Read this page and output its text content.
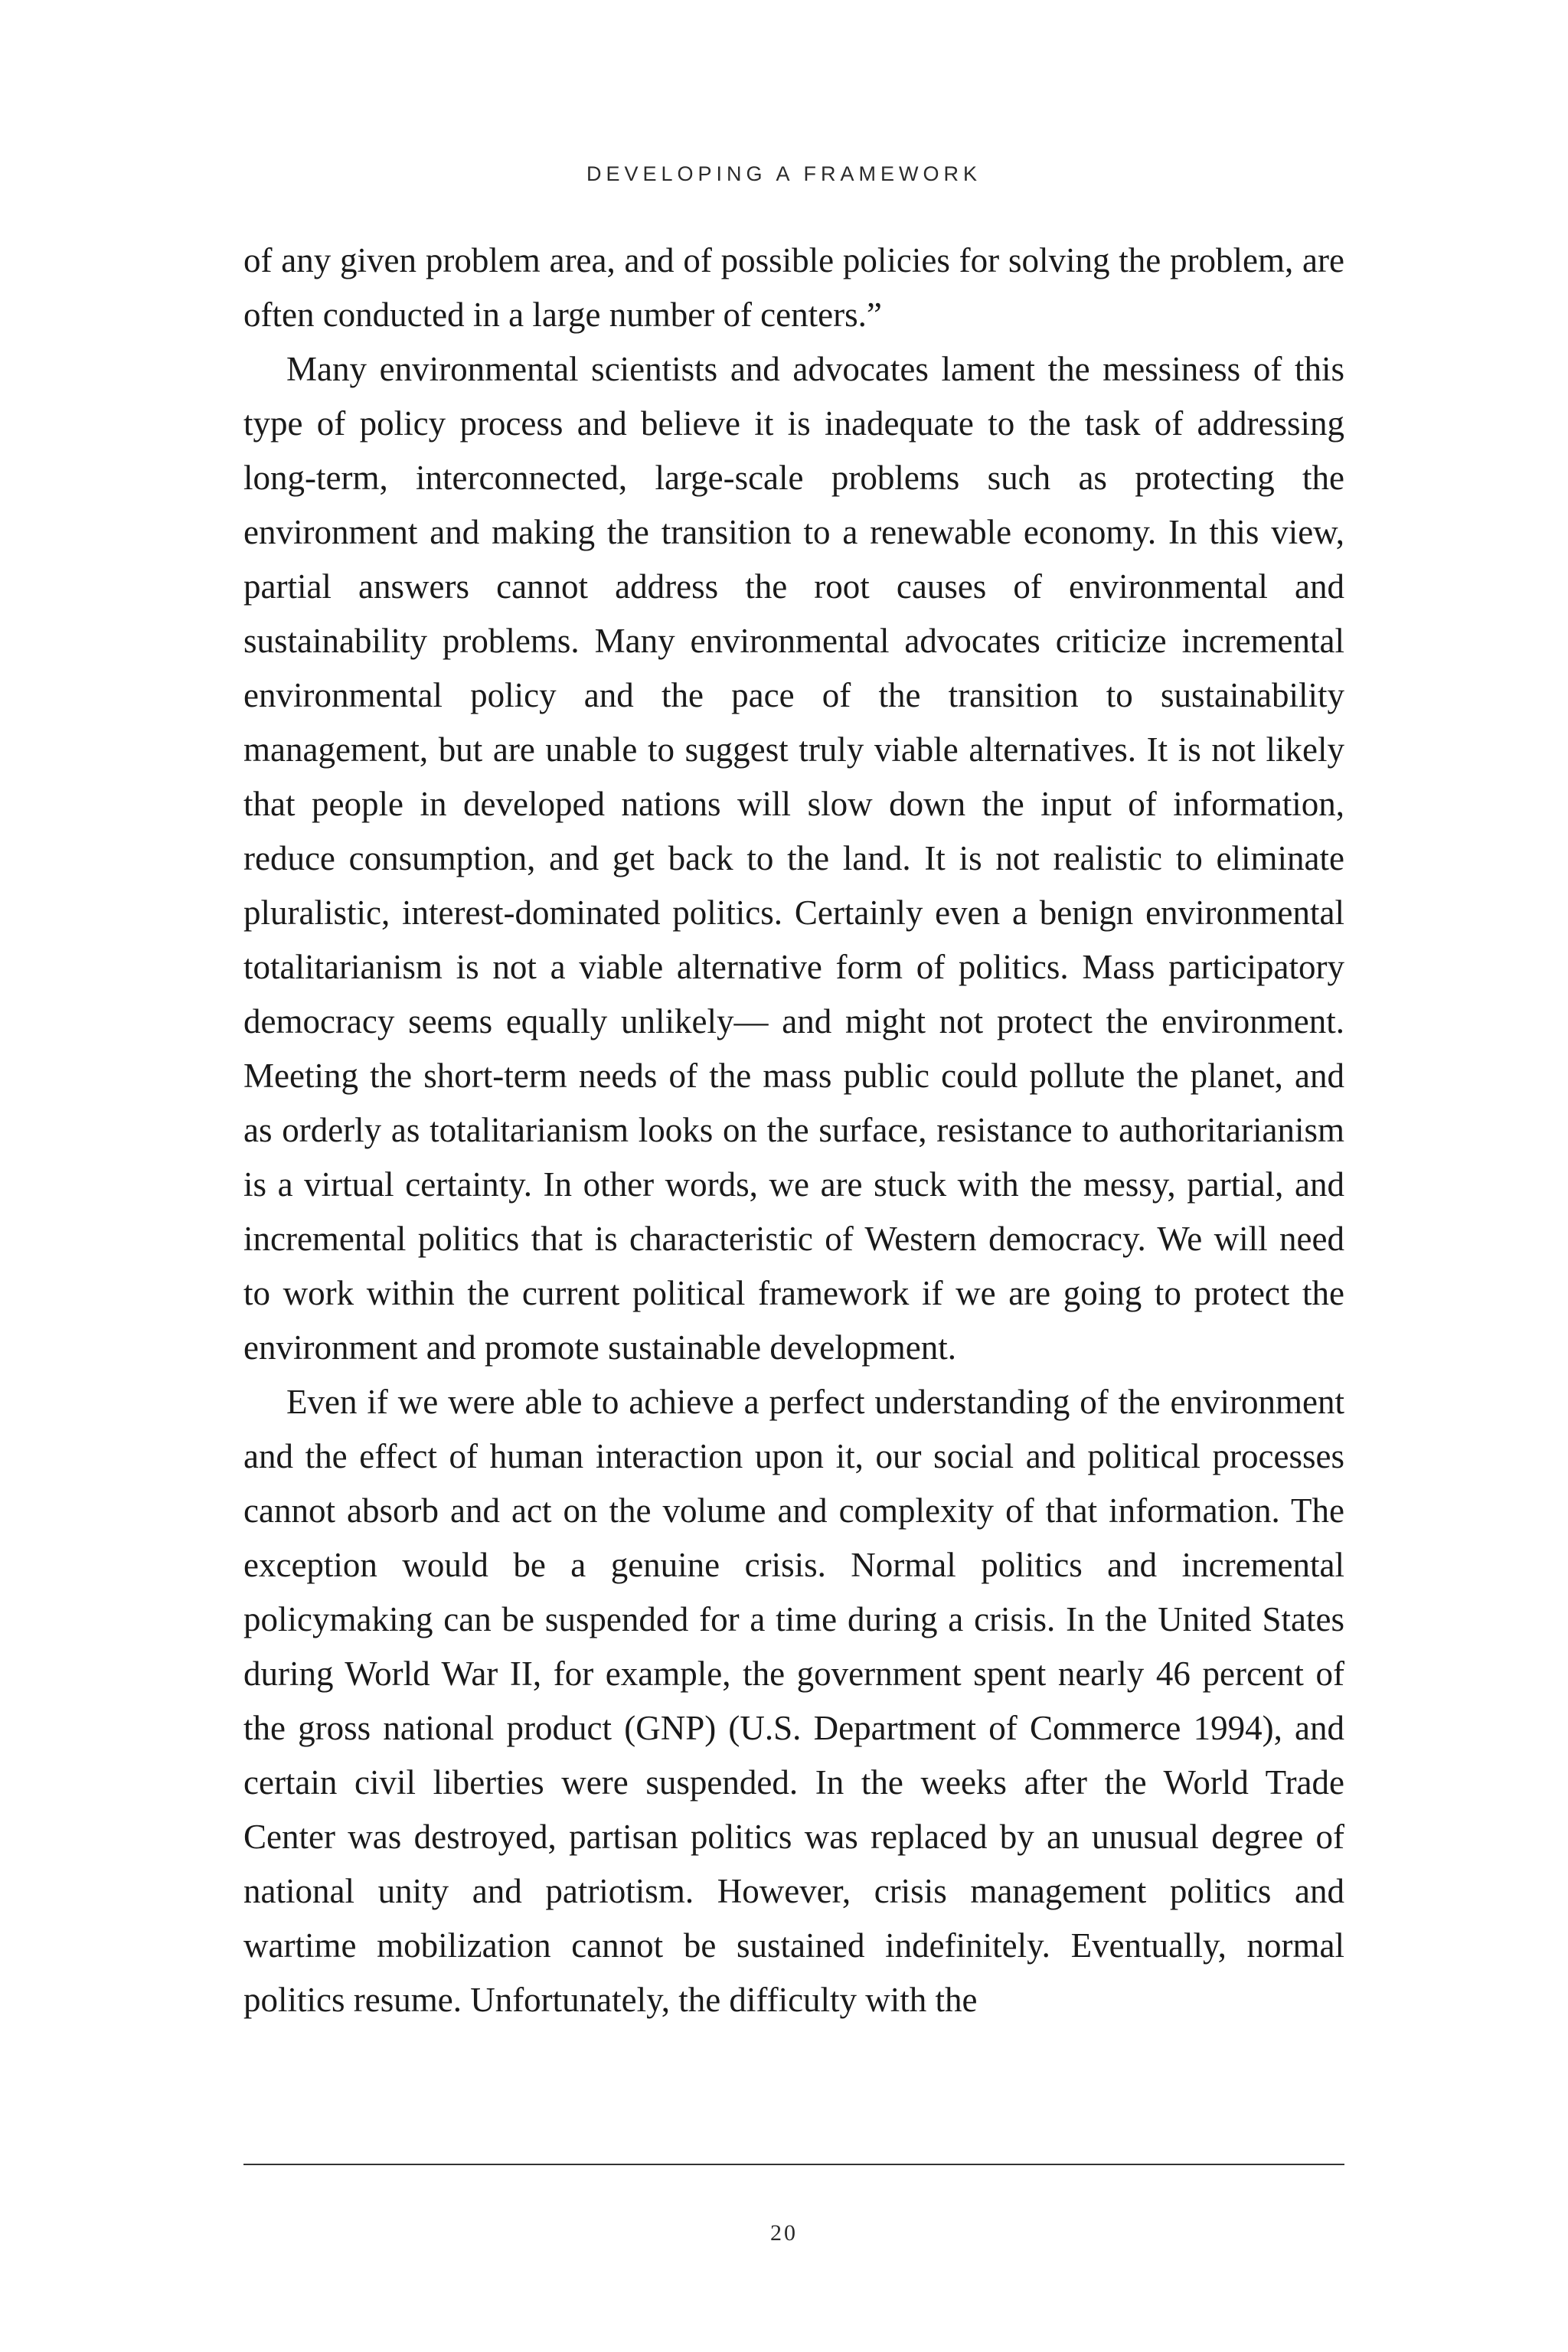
DEVELOPING A FRAMEWORK

of any given problem area, and of possible policies for solving the problem, are often conducted in a large number of centers.”

Many environmental scientists and advocates lament the messiness of this type of policy process and believe it is inadequate to the task of addressing long-term, interconnected, large-scale problems such as protecting the environment and making the transition to a renewable economy. In this view, partial answers cannot address the root causes of environmental and sustainability problems. Many environmental advocates criticize incremental environmental policy and the pace of the transition to sustainability management, but are unable to suggest truly viable alternatives. It is not likely that people in developed nations will slow down the input of information, reduce consumption, and get back to the land. It is not realistic to eliminate pluralistic, interest-dominated politics. Certainly even a benign environmental totalitarianism is not a viable alternative form of politics. Mass participatory democracy seems equally unlikely— and might not protect the environment. Meeting the short-term needs of the mass public could pollute the planet, and as orderly as totalitarianism looks on the surface, resistance to authoritarianism is a virtual certainty. In other words, we are stuck with the messy, partial, and incremental politics that is characteristic of Western democracy. We will need to work within the current political framework if we are going to protect the environment and promote sustainable development.

Even if we were able to achieve a perfect understanding of the environment and the effect of human interaction upon it, our social and political processes cannot absorb and act on the volume and complexity of that information. The exception would be a genuine crisis. Normal politics and incremental policymaking can be suspended for a time during a crisis. In the United States during World War II, for example, the government spent nearly 46 percent of the gross national product (GNP) (U.S. Department of Commerce 1994), and certain civil liberties were suspended. In the weeks after the World Trade Center was destroyed, partisan politics was replaced by an unusual degree of national unity and patriotism. However, crisis management politics and wartime mobilization cannot be sustained indefinitely. Eventually, normal politics resume. Unfortunately, the difficulty with the

20
